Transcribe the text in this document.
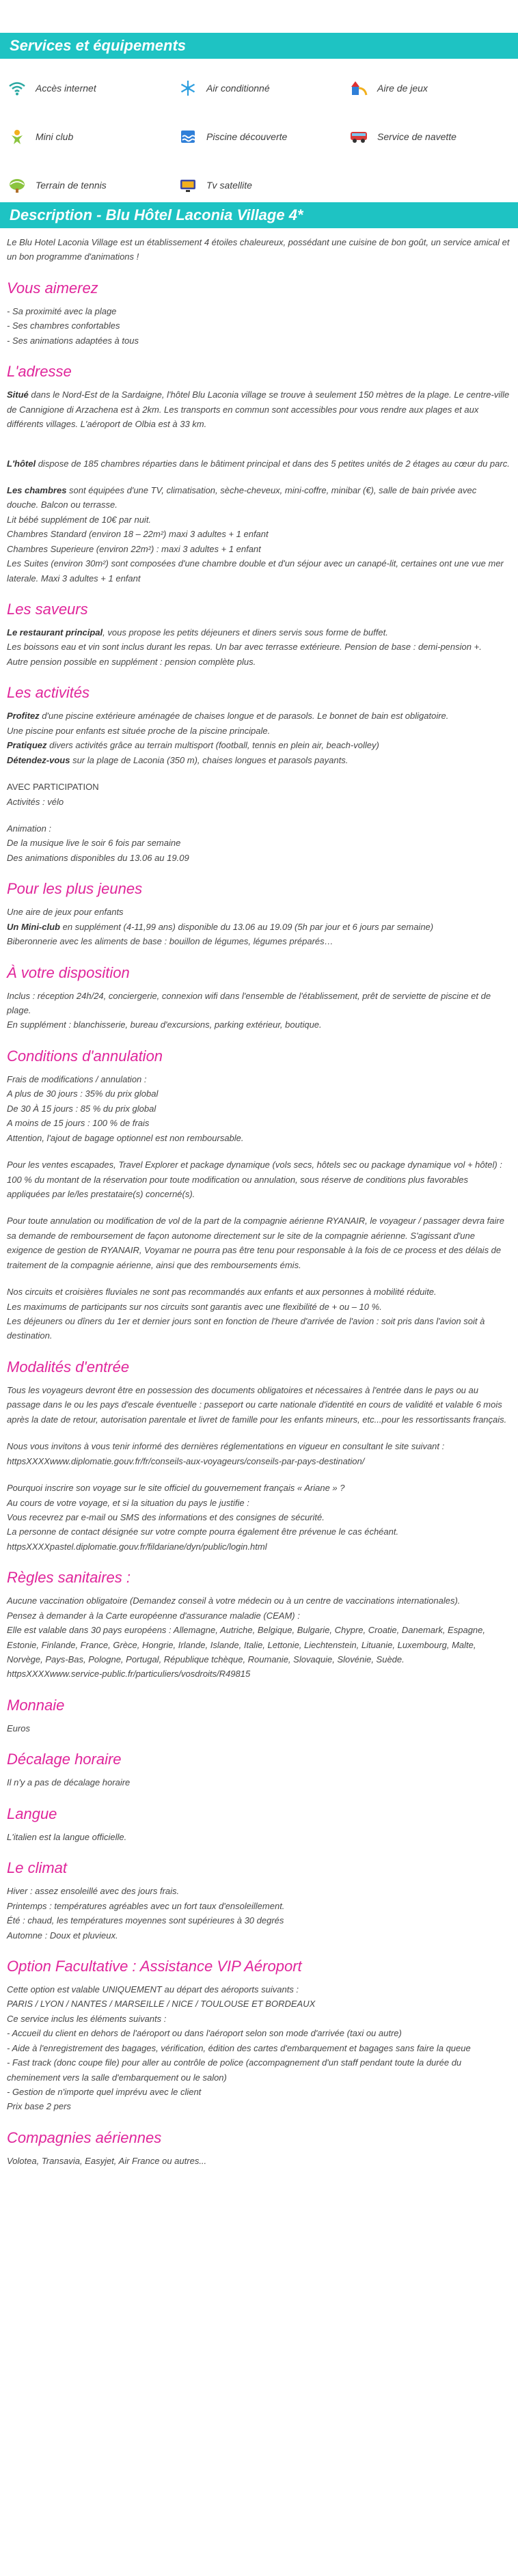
Services et équipements
Accès internet	Air conditionné	Aire de jeux
Mini club	Piscine découverte	Service de navette
Terrain de tennis	Tv satellite
Description - Blu Hôtel Laconia Village 4*

Le Blu Hotel Laconia Village est un établissement 4 étoiles chaleureux, possédant une cuisine de bon goût, un service amical et un bon programme d'animations !

Vous aimerez

- Sa proximité avec la plage

- Ses chambres confortables

- Ses animations adaptées à tous

L'adresse

Situé dans le Nord-Est de la Sardaigne, l'hôtel Blu Laconia village se trouve à seulement 150 mètres de la plage. Le centre-ville de Cannigione di Arzachena est à 2km. Les transports en commun sont accessibles pour vous rendre aux plages et aux différents villages. L'aéroport de Olbia est à 33 km.

L'hôtel dispose de 185 chambres réparties dans le bâtiment principal et dans des 5 petites unités de 2 étages au cœur du parc.

Les chambres sont équipées d'une TV, climatisation, sèche-cheveux, mini-coffre, minibar (€), salle de bain privée avec douche. Balcon ou terrasse.

Lit bébé supplément de 10€ par nuit.

Chambres Standard (environ 18 – 22m²) maxi 3 adultes + 1 enfant

Chambres Superieure (environ 22m²) : maxi 3 adultes + 1 enfant

Les Suites (environ 30m²) sont composées d'une chambre double et d'un séjour avec un canapé-lit, certaines ont une vue mer laterale. Maxi 3 adultes + 1 enfant

Les saveurs

Le restaurant principal, vous propose les petits déjeuners et diners servis sous forme de buffet.

Les boissons eau et vin sont inclus durant les repas. Un bar avec terrasse extérieure. Pension de base : demi-pension +.

Autre pension possible en supplément : pension complète plus.

Les activités

Profitez d'une piscine extérieure aménagée de chaises longue et de parasols. Le bonnet de bain est obligatoire.

Une piscine pour enfants est située proche de la piscine principale.

Pratiquez divers activités grâce au terrain multisport (football, tennis en plein air, beach-volley)

Détendez-vous sur la plage de Laconia (350 m), chaises longues et parasols payants.

AVEC PARTICIPATION

Activités : vélo

Animation :

De la musique live le soir 6 fois par semaine

Des animations disponibles du 13.06 au 19.09

Pour les plus jeunes

Une aire de jeux pour enfants

Un Mini-club en supplément (4-11,99 ans) disponible du 13.06 au 19.09 (5h par jour et 6 jours par semaine)

Biberonnerie avec les aliments de base : bouillon de légumes, légumes préparés…

À votre disposition

Inclus : réception 24h/24, conciergerie, connexion wifi dans l'ensemble de l'établissement, prêt de serviette de piscine et de plage.

En supplément : blanchisserie, bureau d'excursions, parking extérieur, boutique.

Conditions d'annulation

Frais de modifications / annulation :

A plus de 30 jours : 35% du prix global

De 30 À 15 jours : 85 % du prix global

A moins de 15 jours : 100 % de frais

Attention, l'ajout de bagage optionnel est non remboursable.

Pour les ventes escapades, Travel Explorer et package dynamique (vols secs, hôtels sec ou package dynamique vol + hôtel) : 100 % du montant de la réservation pour toute modification ou annulation, sous réserve de conditions plus favorables appliquées par le/les prestataire(s) concerné(s).

Pour toute annulation ou modification de vol de la part de la compagnie aérienne RYANAIR, le voyageur / passager devra faire sa demande de remboursement de façon autonome directement sur le site de la compagnie aérienne. S'agissant d'une exigence de gestion de RYANAIR, Voyamar ne pourra pas être tenu pour responsable à la fois de ce process et des délais de traitement de la compagnie aérienne, ainsi que des remboursements émis.

Nos circuits et croisières fluviales ne sont pas recommandés aux enfants et aux personnes à mobilité réduite.

Les maximums de participants sur nos circuits sont garantis avec une flexibilité de + ou – 10 %.

Les déjeuners ou dîners du 1er et dernier jours sont en fonction de l'heure d'arrivée de l'avion : soit pris dans l'avion soit à destination.

Modalités d'entrée

Tous les voyageurs devront être en possession des documents obligatoires et nécessaires à l'entrée dans le pays ou au passage dans le ou les pays d'escale éventuelle : passeport ou carte nationale d'identité en cours de validité et valable 6 mois après la date de retour, autorisation parentale et livret de famille pour les enfants mineurs, etc...pour les ressortissants français.

Nous vous invitons à vous tenir informé des dernières réglementations en vigueur en consultant le site suivant : httpsXXXXwww.diplomatie.gouv.fr/fr/conseils-aux-voyageurs/conseils-par-pays-destination/

Pourquoi inscrire son voyage sur le site officiel du gouvernement français « Ariane » ?

Au cours de votre voyage, et si la situation du pays le justifie :

Vous recevrez par e-mail ou SMS des informations et des consignes de sécurité.

La personne de contact désignée sur votre compte pourra également être prévenue le cas échéant.

httpsXXXXpastel.diplomatie.gouv.fr/fildariane/dyn/public/login.html

Règles sanitaires :

Aucune vaccination obligatoire (Demandez conseil à votre médecin ou à un centre de vaccinations internationales).

Pensez à demander à la Carte européenne d'assurance maladie (CEAM) :

Elle est valable dans 30 pays européens : Allemagne, Autriche, Belgique, Bulgarie, Chypre, Croatie, Danemark, Espagne, Estonie, Finlande, France, Grèce, Hongrie, Irlande, Islande, Italie, Lettonie, Liechtenstein, Lituanie, Luxembourg, Malte, Norvège, Pays-Bas, Pologne, Portugal, République tchèque, Roumanie, Slovaquie, Slovénie, Suède.

httpsXXXXwww.service-public.fr/particuliers/vosdroits/R49815

Monnaie

Euros

Décalage horaire

Il n'y a pas de décalage horaire

Langue

L'italien est la langue officielle.

Le climat

Hiver : assez ensoleillé avec des jours frais.

Printemps : températures agréables avec un fort taux d'ensoleillement.

Été : chaud, les températures moyennes sont supérieures à 30 degrés

Automne : Doux et pluvieux.

Option Facultative : Assistance VIP Aéroport

Cette option est valable UNIQUEMENT au départ des aéroports suivants :

PARIS / LYON / NANTES / MARSEILLE / NICE / TOULOUSE ET BORDEAUX

Ce service inclus les éléments suivants :

- Accueil du client en dehors de l'aéroport ou dans l'aéroport selon son mode d'arrivée (taxi ou autre)

- Aide à l'enregistrement des bagages, vérification, édition des cartes d'embarquement et bagages sans faire la queue

- Fast track (donc coupe file) pour aller au contrôle de police (accompagnement d'un staff pendant toute la durée du cheminement vers la salle d'embarquement ou le salon)

- Gestion de n'importe quel imprévu avec le client

Prix base 2 pers

Compagnies aériennes

Volotea, Transavia, Easyjet, Air France ou autres...
